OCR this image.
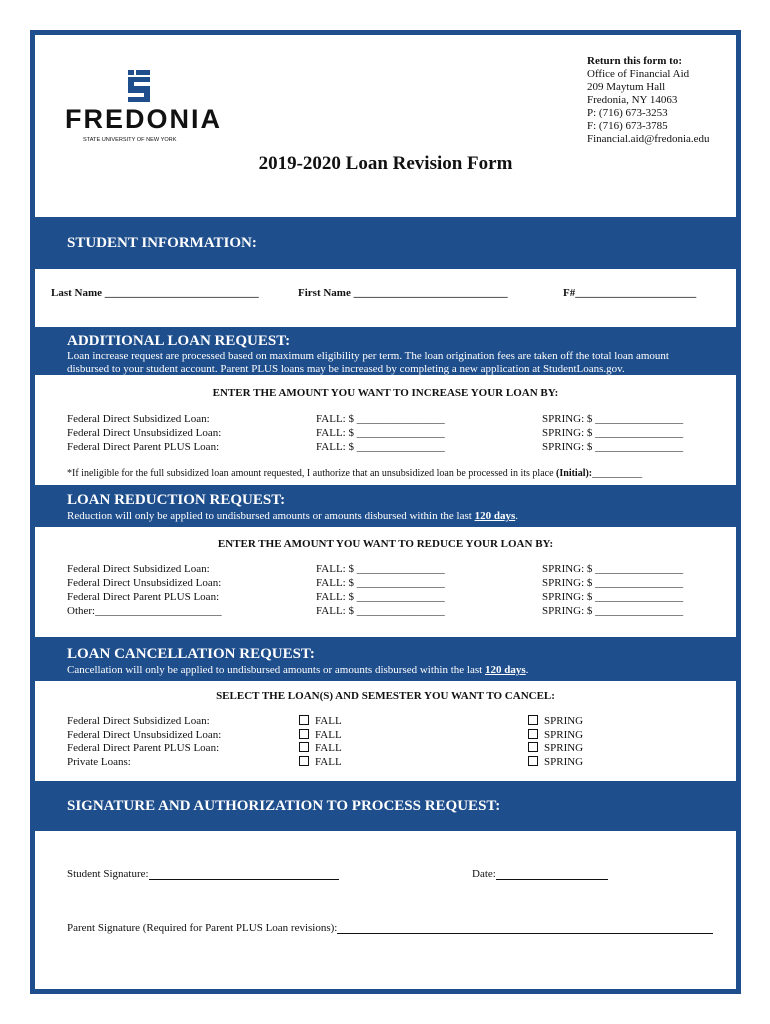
FREDONIA
STATE UNIVERSITY OF NEW YORK
Return this form to:
Office of Financial Aid
209 Maytum Hall
Fredonia, NY 14063
P: (716) 673-3253
F: (716) 673-3785
Financial.aid@fredonia.edu
2019-2020 Loan Revision Form
STUDENT INFORMATION:
Last Name ____________________________	First Name ____________________________	F#______________________
ADDITIONAL LOAN REQUEST:
Loan increase request are processed based on maximum eligibility per term. The loan origination fees are taken off the total loan amount disbursed to your student account. Parent PLUS loans may be increased by completing a new application at StudentLoans.gov.
ENTER THE AMOUNT YOU WANT TO INCREASE YOUR LOAN BY:
Federal Direct Subsidized Loan:	FALL: $ ________________	SPRING: $ ________________
Federal Direct Unsubsidized Loan:	FALL: $ ________________	SPRING: $ ________________
Federal Direct Parent PLUS Loan:	FALL: $ ________________	SPRING: $ ________________
*If ineligible for the full subsidized loan amount requested, I authorize that an unsubsidized loan be processed in its place (Initial):__________
LOAN REDUCTION REQUEST:
Reduction will only be applied to undisbursed amounts or amounts disbursed within the last 120 days.
ENTER THE AMOUNT YOU WANT TO REDUCE YOUR LOAN BY:
Federal Direct Subsidized Loan:	FALL: $ ________________	SPRING: $ ________________
Federal Direct Unsubsidized Loan:	FALL: $ ________________	SPRING: $ ________________
Federal Direct Parent PLUS Loan:	FALL: $ ________________	SPRING: $ ________________
Other:_______________________	FALL: $ ________________	SPRING: $ ________________
LOAN CANCELLATION REQUEST:
Cancellation will only be applied to undisbursed amounts or amounts disbursed within the last 120 days.
SELECT THE LOAN(S) AND SEMESTER YOU WANT TO CANCEL:
Federal Direct Subsidized Loan:	FALL	SPRING
Federal Direct Unsubsidized Loan:	FALL	SPRING
Federal Direct Parent PLUS Loan:	FALL	SPRING
Private Loans:	FALL	SPRING
SIGNATURE AND AUTHORIZATION TO PROCESS REQUEST:
Student Signature:	Date:
Parent Signature (Required for Parent PLUS Loan revisions):
